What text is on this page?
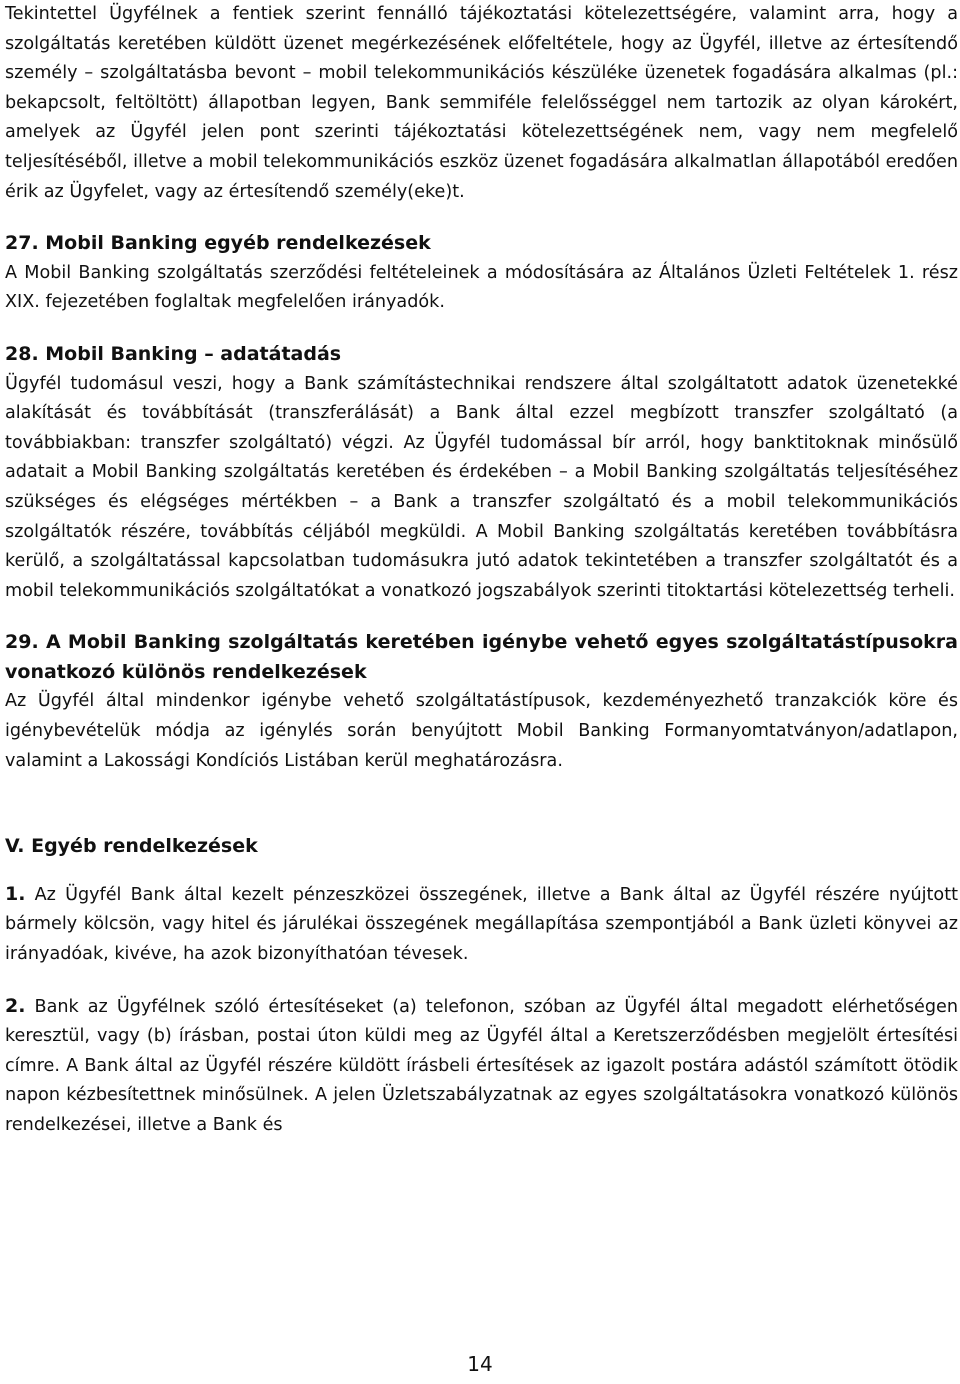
Tekintettel Ügyfélnek a fentiek szerint fennálló tájékoztatási kötelezettségére, valamint arra, hogy a szolgáltatás keretében küldött üzenet megérkezésének előfeltétele, hogy az Ügyfél, illetve az értesítendő személy – szolgáltatásba bevont – mobil telekommunikációs készüléke üzenetek fogadására alkalmas (pl.: bekapcsolt, feltöltött) állapotban legyen, Bank semmiféle felelősséggel nem tartozik az olyan károkért, amelyek az Ügyfél jelen pont szerinti tájékoztatási kötelezettségének nem, vagy nem megfelelő teljesítéséből, illetve a mobil telekommunikációs eszköz üzenet fogadására alkalmatlan állapotából eredően érik az Ügyfelet, vagy az értesítendő személy(eke)t.

27. Mobil Banking egyéb rendelkezések

A Mobil Banking szolgáltatás szerződési feltételeinek a módosítására az Általános Üzleti Feltételek 1. rész XIX. fejezetében foglaltak megfelelően irányadók.

28. Mobil Banking – adatátadás

Ügyfél tudomásul veszi, hogy a Bank számítástechnikai rendszere által szolgáltatott adatok üzenetekké alakítását és továbbítását (transzferálását) a Bank által ezzel megbízott transzfer szolgáltató (a továbbiakban: transzfer szolgáltató) végzi. Az Ügyfél tudomással bír arról, hogy banktitoknak minősülő adatait a Mobil Banking szolgáltatás keretében és érdekében – a Mobil Banking szolgáltatás teljesítéséhez szükséges és elégséges mértékben – a Bank a transzfer szolgáltató és a mobil telekommunikációs szolgáltatók részére, továbbítás céljából megküldi. A Mobil Banking szolgáltatás keretében továbbításra kerülő, a szolgáltatással kapcsolatban tudomásukra jutó adatok tekintetében a transzfer szolgáltatót és a mobil telekommunikációs szolgáltatókat a vonatkozó jogszabályok szerinti titoktartási kötelezettség terheli.

29. A Mobil Banking szolgáltatás keretében igénybe vehető egyes szolgáltatástípusokra vonatkozó különös rendelkezések

Az Ügyfél által mindenkor igénybe vehető szolgáltatástípusok, kezdeményezhető tranzakciók köre és igénybevételük módja az igénylés során benyújtott Mobil Banking Formanyomtatványon/adatlapon, valamint a Lakossági Kondíciós Listában kerül meghatározásra.

V. Egyéb rendelkezések

1. Az Ügyfél Bank által kezelt pénzeszközei összegének, illetve a Bank által az Ügyfél részére nyújtott bármely kölcsön, vagy hitel és járulékai összegének megállapítása szempontjából a Bank üzleti könyvei az irányadóak, kivéve, ha azok bizonyíthatóan tévesek.

2. Bank az Ügyfélnek szóló értesítéseket (a) telefonon, szóban az Ügyfél által megadott elérhetőségen keresztül, vagy (b) írásban, postai úton küldi meg az Ügyfél által a Keretszerződésben megjelölt értesítési címre. A Bank által az Ügyfél részére küldött írásbeli értesítések az igazolt postára adástól számított ötödik napon kézbesítettnek minősülnek. A jelen Üzletszabályzatnak az egyes szolgáltatásokra vonatkozó különös rendelkezései, illetve a Bank és

14
